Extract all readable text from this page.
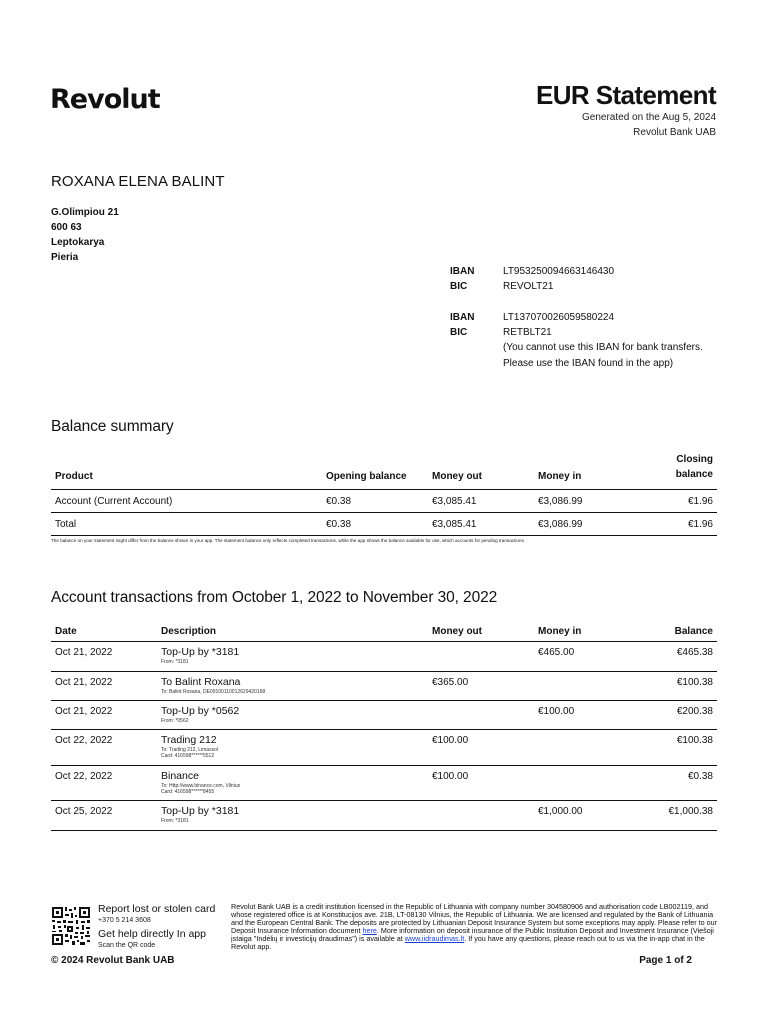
Revolut	EUR Statement
Generated on the Aug 5, 2024
Revolut Bank UAB
ROXANA ELENA BALINT
G.Olimpiou 21
600 63
Leptokarya
Pieria
IBAN	LT953250094663146430
BIC	REVOLT21
IBAN	LT137070026059580224
BIC	RETBLT21
(You cannot use this IBAN for bank transfers.
Please use the IBAN found in the app)
Balance summary
Product	Opening balance	Money out	Money in	Closing
balance
Account (Current Account)	€0.38	€3,085.41	€3,086.99	€1.96
Total	€0.38	€3,085.41	€3,086.99	€1.96
The balance on your statement might differ from the balance shown in your app. The statement balance only reflects completed transactions, while the app shows the balance available for use, which accounts for pending transactions.
Account transactions from October 1, 2022 to November 30, 2022
Date	Description	Money out	Money in	Balance
Oct 21, 2022	Top-Up by *3181
From: *3181		€465.00	€465.38
Oct 21, 2022	To Balint Roxana
To: Balint Roxana, DE09100110012629420168	€365.00		€100.38
Oct 21, 2022	Top-Up by *0562
From: *0562		€100.00	€200.38
Oct 22, 2022	Trading 212
To: Trading 212, Limassol
Card: 416598******5512	€100.00		€100.38
Oct 22, 2022	Binance
To: Http://www.binance.com, Vilnius
Card: 416598******8455	€100.00		€0.38
Oct 25, 2022	Top-Up by *3181
From: *3181		€1,000.00	€1,000.38
Report lost or stolen card
+370 5 214 3608
Get help directly In app
Scan the QR code
Revolut Bank UAB is a credit institution licensed in the Republic of Lithuania with company number 304580906 and authorisation code LB002119, and whose registered office is at Konstitucijos ave. 21B, LT-08130 Vilnius, the Republic of Lithuania. We are licensed and regulated by the Bank of Lithuania and the European Central Bank. The deposits are protected by Lithuanian Deposit Insurance System but some exceptions may apply. Please refer to our Deposit Insurance Information document here. More information on deposit insurance of the Public Institution Deposit and Investment Insurance (Viešoji įstaiga "Indėlių ir investicijų draudimas") is available at www.iidraudimas.lt. If you have any questions, please reach out to us via the in-app chat in the Revolut app.
© 2024 Revolut Bank UAB	Page 1 of 2
